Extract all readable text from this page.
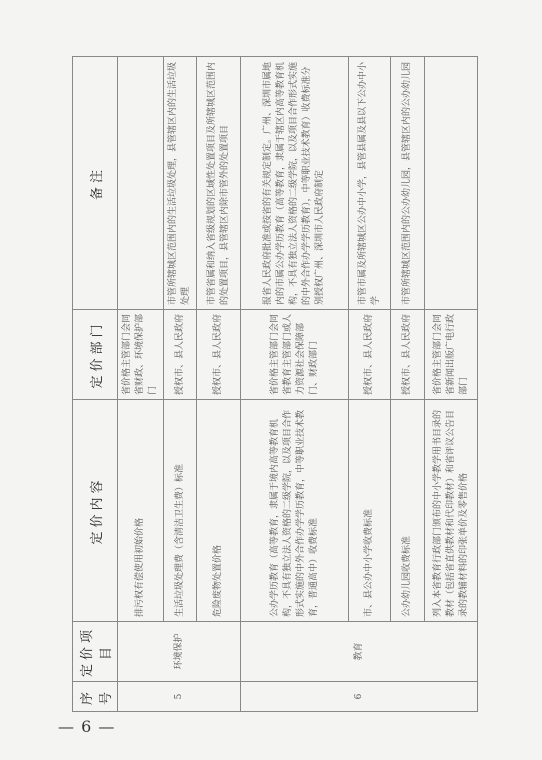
序号	定价项目	定价内容	定价部门	备注
5	环境保护	排污权有偿使用初始价格	省价格主管部门会同省财政、环境保护部门	
		生活垃圾处理费（含清洁卫生费）标准	授权市、县人民政府	市管所辖城区范围内的生活垃圾处理，县管辖区内的生活垃圾处理
		危险废物处置价格	授权市、县人民政府	市管省属和纳入省级规划的区域性处置项目及所辖城区范围内的处置项目，县管辖区内除市管外的处置项目
6	教育	公办学历教育（高等教育，隶属于境内高等教育机构，不具有独立法人资格的二级学院，以及项目合作形式实施的中外合作办学学历教育，中等职业技术教育，普通高中）收费标准	省价格主管部门会同省教育主管部门或人力资源社会保障部门、财政部门	报省人民政府批准或按省的有关规定制定。广州、深圳市属地内的市属公办学历教育（高等教育，隶属于辖区内高等教育机构，不具有独立法人资格的二级学院，以及项目合作形式实施的中外合作办学学历教育），中等职业技术教育）收费标准分别授权广州、深圳市人民政府制定
		市、县公办中小学收费标准	授权市、县人民政府	市管市属及所辖城区公办中小学，县管县属及县以下公办中小学
		公办幼儿园收费标准	授权市、县人民政府	市管所辖城区范围内的公办幼儿园，县管辖区内的公办幼儿园
		列入本省教育行政部门颁布的中小学教学用书目录的教材（包括省直供教材和代印教材）和省评议公告目录的教辅材料的印张单价及零售价格	省价格主管部门会同省新闻出版广电行政部门	
— 6 —
